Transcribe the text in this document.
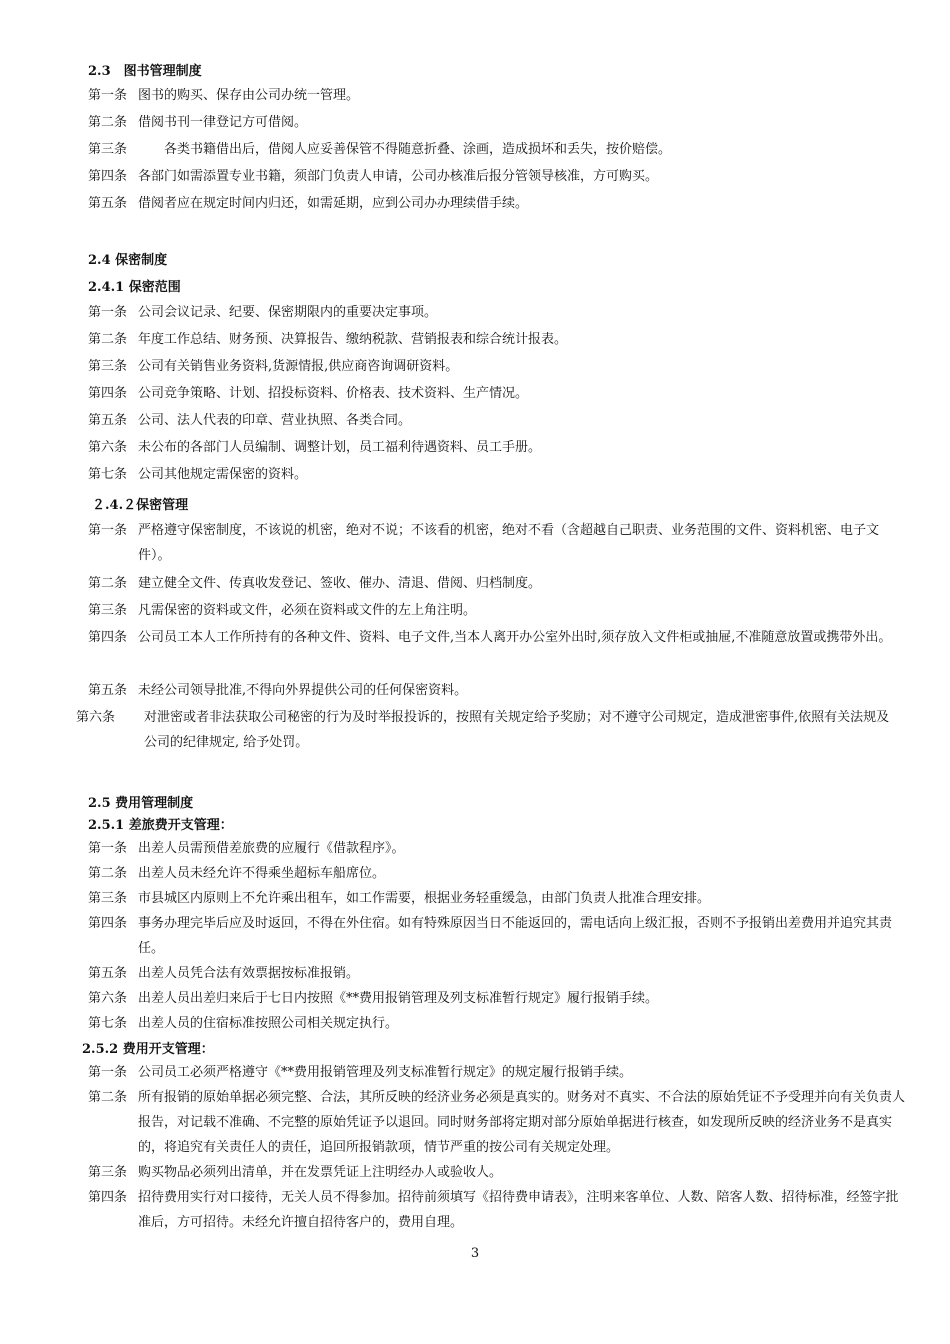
2.3　图书管理制度
第一条 图书的购买、保存由公司办统一管理。
第二条 借阅书刊一律登记方可借阅。
第三条 　　各类书籍借出后，借阅人应妥善保管不得随意折叠、涂画，造成损坏和丢失，按价赔偿。
第四条 各部门如需添置专业书籍，须部门负责人申请，公司办核准后报分管领导核准，方可购买。
第五条 借阅者应在规定时间内归还，如需延期，应到公司办办理续借手续。
2.4 保密制度
2.4.1 保密范围
第一条 公司会议记录、纪要、保密期限内的重要决定事项。
第二条 年度工作总结、财务预、决算报告、缴纳税款、营销报表和综合统计报表。
第三条 公司有关销售业务资料,货源情报,供应商咨询调研资料。
第四条 公司竞争策略、计划、招投标资料、价格表、技术资料、生产情况。
第五条 公司、法人代表的印章、营业执照、各类合同。
第六条 未公布的各部门人员编制、调整计划，员工福利待遇资料、员工手册。
第七条 公司其他规定需保密的资料。
２.4.２保密管理
第一条 严格遵守保密制度，不该说的机密，绝对不说；不该看的机密，绝对不看（含超越自己职责、业务范围的文件、资料机密、电子文件）。
第二条 建立健全文件、传真收发登记、签收、催办、清退、借阅、归档制度。
第三条 凡需保密的资料或文件，必须在资料或文件的左上角注明。
第四条 公司员工本人工作所持有的各种文件、资料、电子文件,当本人离开办公室外出时,须存放入文件柜或抽屉,不准随意放置或携带外出。
第五条 未经公司领导批准,不得向外界提供公司的任何保密资料。
第六条 对泄密或者非法获取公司秘密的行为及时举报投诉的，按照有关规定给予奖励；对不遵守公司规定，造成泄密事件,依照有关法规及公司的纪律规定, 给予处罚。
2.5 费用管理制度
2.5.1 差旅费开支管理：
第一条 出差人员需预借差旅费的应履行《借款程序》。
第二条 出差人员未经允许不得乘坐超标车船席位。
第三条 市县城区内原则上不允许乘出租车，如工作需要，根据业务轻重缓急，由部门负责人批准合理安排。
第四条 事务办理完毕后应及时返回，不得在外住宿。如有特殊原因当日不能返回的，需电话向上级汇报，否则不予报销出差费用并追究其责任。
第五条 出差人员凭合法有效票据按标准报销。
第六条 出差人员出差归来后于七日内按照《**费用报销管理及列支标准暂行规定》履行报销手续。
第七条 出差人员的住宿标准按照公司相关规定执行。
2.5.2 费用开支管理：
第一条 公司员工必须严格遵守《**费用报销管理及列支标准暂行规定》的规定履行报销手续。
第二条 所有报销的原始单据必须完整、合法，其所反映的经济业务必须是真实的。财务对不真实、不合法的原始凭证不予受理并向有关负责人报告，对记载不准确、不完整的原始凭证予以退回。同时财务部将定期对部分原始单据进行核查，如发现所反映的经济业务不是真实的，将追究有关责任人的责任，追回所报销款项，情节严重的按公司有关规定处理。
第三条 购买物品必须列出清单，并在发票凭证上注明经办人或验收人。
第四条 招待费用实行对口接待，无关人员不得参加。招待前须填写《招待费申请表》，注明来客单位、人数、陪客人数、招待标准，经签字批准后，方可招待。未经允许擅自招待客户的，费用自理。
3
